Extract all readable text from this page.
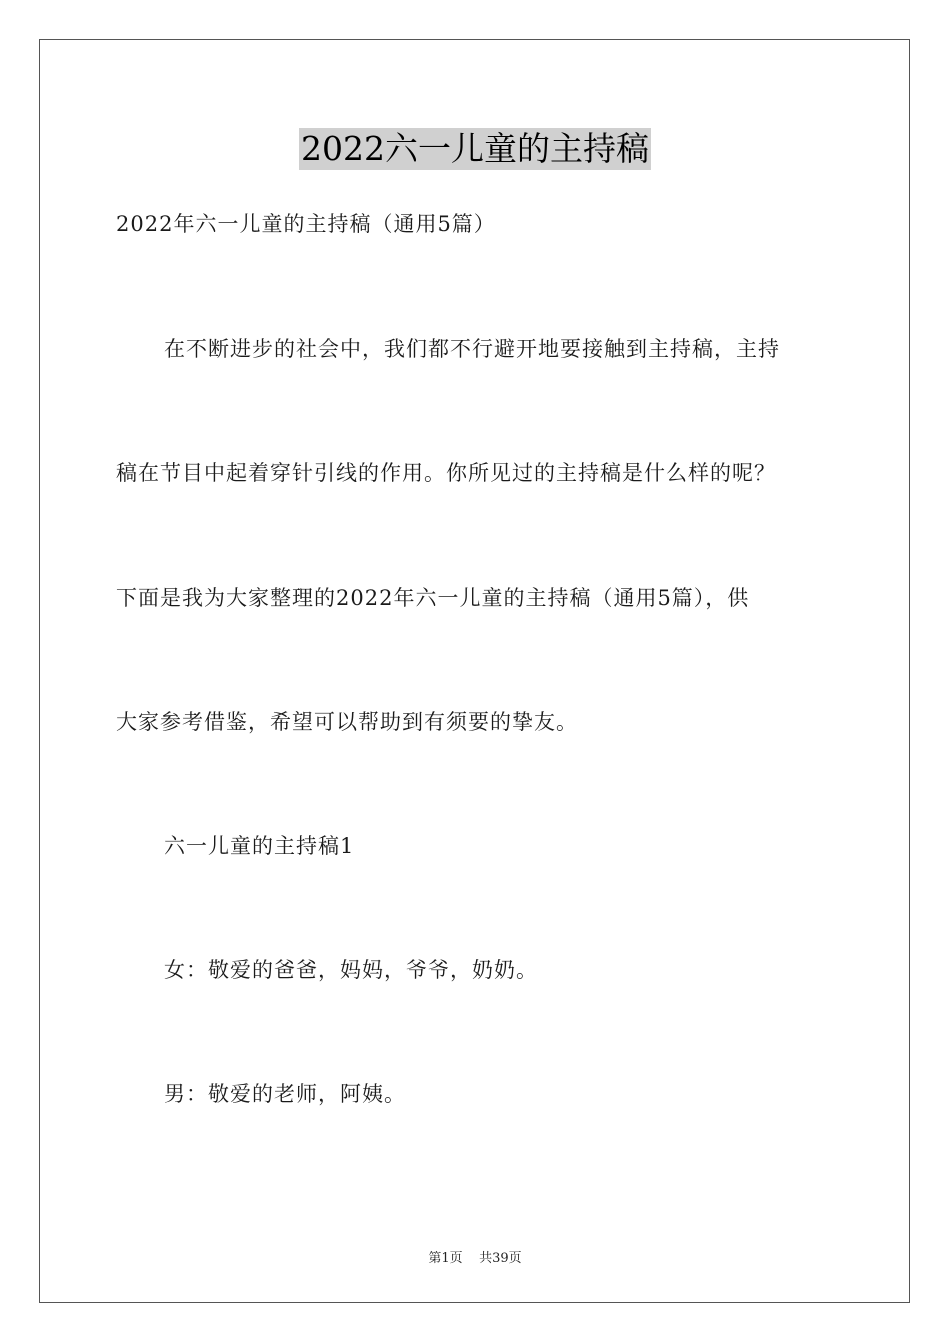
2022六一儿童的主持稿
2022年六一儿童的主持稿（通用5篇）
在不断进步的社会中，我们都不行避开地要接触到主持稿，主持
稿在节目中起着穿针引线的作用。你所见过的主持稿是什么样的呢？
下面是我为大家整理的2022年六一儿童的主持稿（通用5篇），供
大家参考借鉴，希望可以帮助到有须要的挚友。
六一儿童的主持稿1
女：敬爱的爸爸，妈妈，爷爷，奶奶。
男：敬爱的老师，阿姨。
第1页 共39页
